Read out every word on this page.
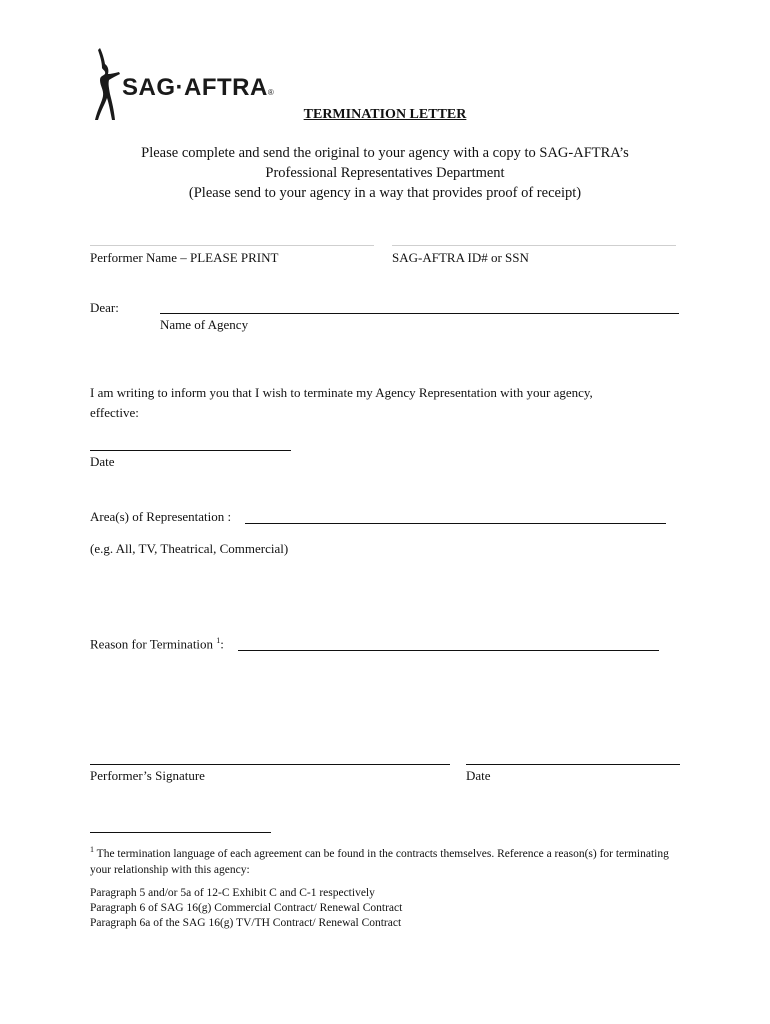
SAG·AFTRA®
TERMINATION LETTER
Please complete and send the original to your agency with a copy to SAG-AFTRA’s
Professional Representatives Department
(Please send to your agency in a way that provides proof of receipt)
Performer Name – PLEASE PRINT	SAG-AFTRA ID# or SSN
Dear:
Name of Agency
I am writing to inform you that I wish to terminate my Agency Representation with your agency,
effective:
Date
Area(s) of Representation :
(e.g. All, TV, Theatrical, Commercial)
Reason for Termination $^1$:
Performer’s Signature	Date
$^1$ The termination language of each agreement can be found in the contracts themselves. Reference a reason(s) for terminating your relationship with this agency:
Paragraph 5 and/or 5a of 12-C Exhibit C and C-1 respectively
Paragraph 6 of SAG 16(g) Commercial Contract/ Renewal Contract
Paragraph 6a of the SAG 16(g) TV/TH Contract/ Renewal Contract
